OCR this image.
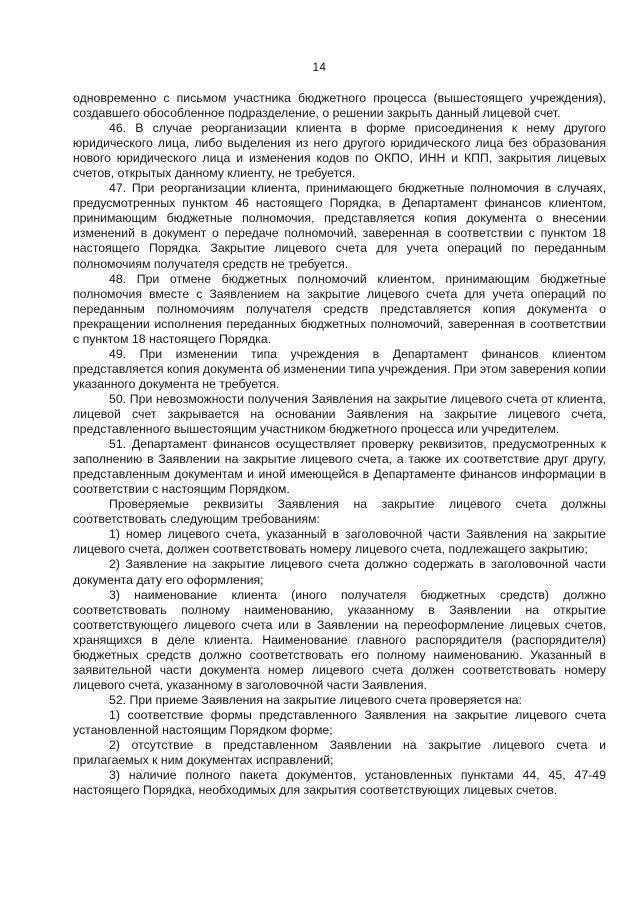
14

одновременно с письмом участника бюджетного процесса (вышестоящего учреждения), создавшего обособленное подразделение, о решении закрыть данный лицевой счет.

46. В случае реорганизации клиента в форме присоединения к нему другого юридического лица, либо выделения из него другого юридического лица без образования нового юридического лица и изменения кодов по ОКПО, ИНН и КПП, закрытия лицевых счетов, открытых данному клиенту, не требуется.

47. При реорганизации клиента, принимающего бюджетные полномочия в случаях, предусмотренных пунктом 46 настоящего Порядка, в Департамент финансов клиентом, принимающим бюджетные полномочия, представляется копия документа о внесении изменений в документ о передаче полномочий, заверенная в соответствии с пунктом 18 настоящего Порядка. Закрытие лицевого счета для учета операций по переданным полномочиям получателя средств не требуется.

48. При отмене бюджетных полномочий клиентом, принимающим бюджетные полномочия вместе с Заявлением на закрытие лицевого счета для учета операций по переданным полномочиям получателя средств представляется копия документа о прекращении исполнения переданных бюджетных полномочий, заверенная в соответствии с пунктом 18 настоящего Порядка.

49. При изменении типа учреждения в Департамент финансов клиентом представляется копия документа об изменении типа учреждения. При этом заверения копии указанного документа не требуется.

50. При невозможности получения Заявления на закрытие лицевого счета от клиента, лицевой счет закрывается на основании Заявления на закрытие лицевого счета, представленного вышестоящим участником бюджетного процесса или учредителем.

51. Департамент финансов осуществляет проверку реквизитов, предусмотренных к заполнению в Заявлении на закрытие лицевого счета, а также их соответствие друг другу, представленным документам и иной имеющейся в Департаменте финансов информации в соответствии с настоящим Порядком.

Проверяемые реквизиты Заявления на закрытие лицевого счета должны соответствовать следующим требованиям:

1) номер лицевого счета, указанный в заголовочной части Заявления на закрытие лицевого счета, должен соответствовать номеру лицевого счета, подлежащего закрытию;

2) Заявление на закрытие лицевого счета должно содержать в заголовочной части документа дату его оформления;

3) наименование клиента (иного получателя бюджетных средств) должно соответствовать полному наименованию, указанному в Заявлении на открытие соответствующего лицевого счета или в Заявлении на переоформление лицевых счетов, хранящихся в деле клиента. Наименование главного распорядителя (распорядителя) бюджетных средств должно соответствовать его полному наименованию. Указанный в заявительной части документа номер лицевого счета должен соответствовать номеру лицевого счета, указанному в заголовочной части Заявления.

52. При приеме Заявления на закрытие лицевого счета проверяется на:

1) соответствие формы представленного Заявления на закрытие лицевого счета установленной настоящим Порядком форме;

2) отсутствие в представленном Заявлении на закрытие лицевого счета и прилагаемых к ним документах исправлений;

3) наличие полного пакета документов, установленных пунктами 44, 45, 47-49 настоящего Порядка, необходимых для закрытия соответствующих лицевых счетов.
